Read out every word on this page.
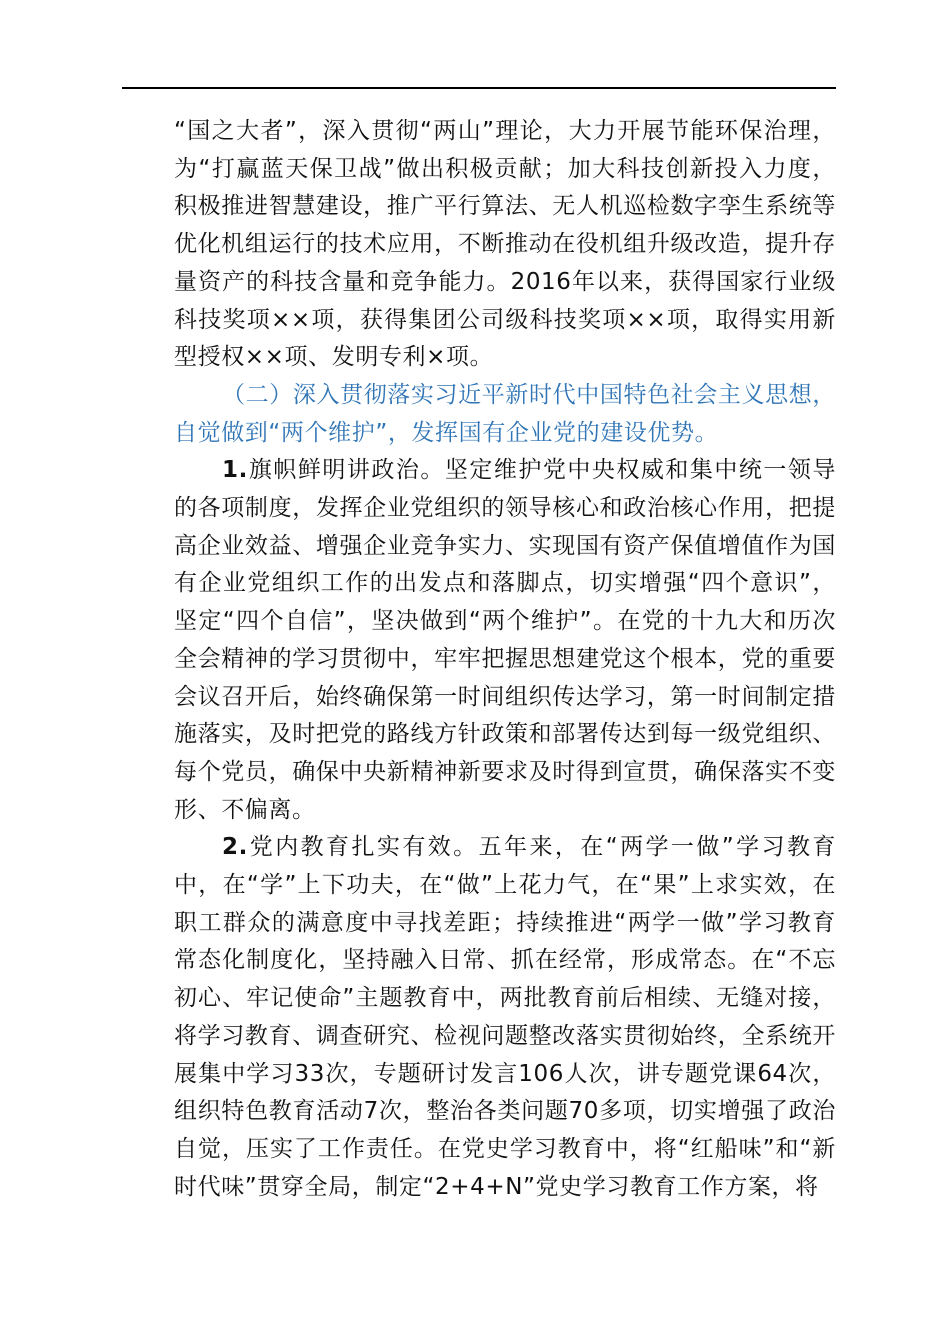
“国之大者”，深入贯彻“两山”理论，大力开展节能环保治理，为“打赢蓝天保卫战”做出积极贡献；加大科技创新投入力度，积极推进智慧建设，推广平行算法、无人机巡检数字孪生系统等优化机组运行的技术应用，不断推动在役机组升级改造，提升存量资产的科技含量和竞争能力。2016年以来，获得国家行业级科技奖项××项，获得集团公司级科技奖项××项，取得实用新型授权××项、发明专利×项。

（二）深入贯彻落实习近平新时代中国特色社会主义思想，自觉做到“两个维护”，发挥国有企业党的建设优势。

1.旗帜鲜明讲政治。坚定维护党中央权威和集中统一领导的各项制度，发挥企业党组织的领导核心和政治核心作用，把提高企业效益、增强企业竞争实力、实现国有资产保值增值作为国有企业党组织工作的出发点和落脚点，切实增强“四个意识”，坚定“四个自信”，坚决做到“两个维护”。在党的十九大和历次全会精神的学习贯彻中，牢牢把握思想建党这个根本，党的重要会议召开后，始终确保第一时间组织传达学习，第一时间制定措施落实，及时把党的路线方针政策和部署传达到每一级党组织、每个党员，确保中央新精神新要求及时得到宣贯，确保落实不变形、不偏离。

2.党内教育扎实有效。五年来，在“两学一做”学习教育中，在“学”上下功夫，在“做”上花力气，在“果”上求实效，在职工群众的满意度中寻找差距；持续推进“两学一做”学习教育常态化制度化，坚持融入日常、抓在经常，形成常态。在“不忘初心、牢记使命”主题教育中，两批教育前后相续、无缝对接，将学习教育、调查研究、检视问题整改落实贯彻始终，全系统开展集中学习33次，专题研讨发言106人次，讲专题党课64次，组织特色教育活动7次，整治各类问题70多项，切实增强了政治自觉，压实了工作责任。在党史学习教育中，将“红船味”和“新时代味”贯穿全局，制定“2+4+N”党史学习教育工作方案，将
